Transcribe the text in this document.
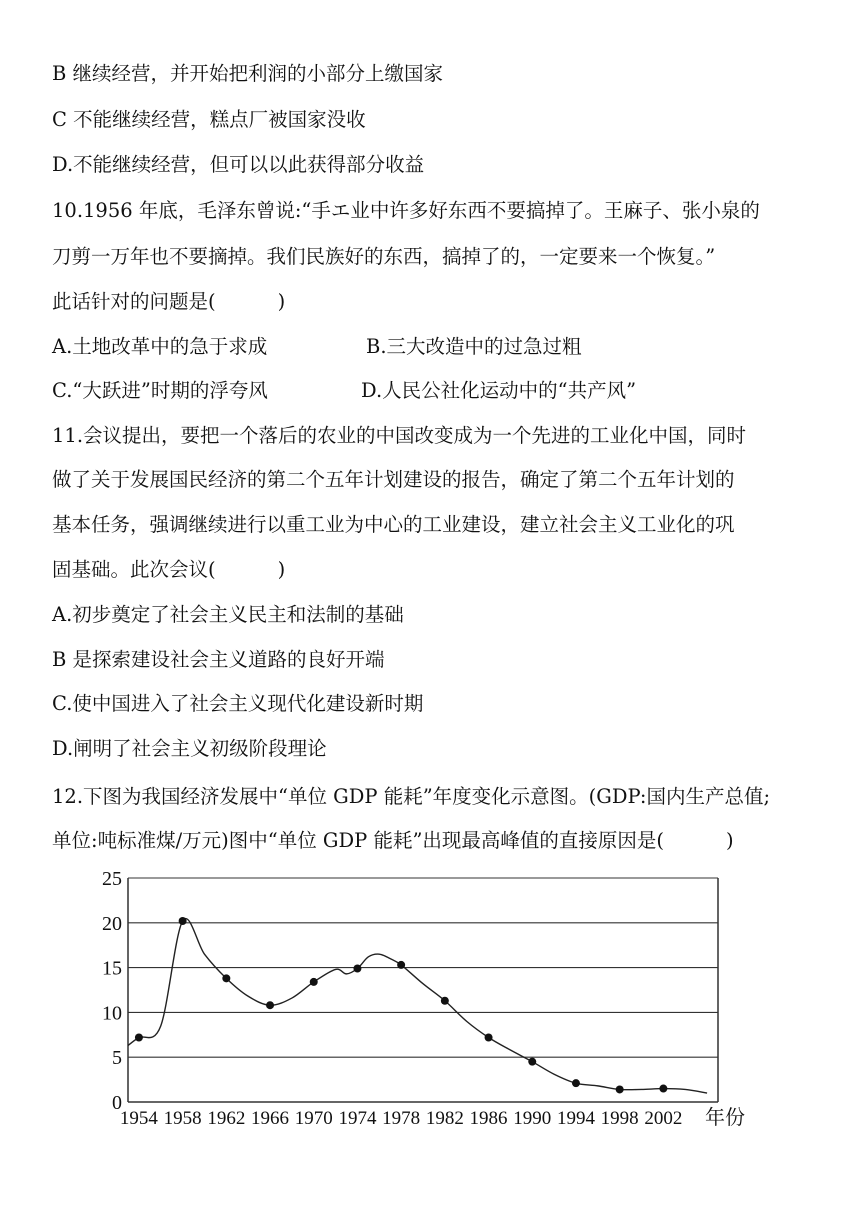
B 继续经营，并开始把利润的小部分上缴国家
C 不能继续经营，糕点厂被国家没收
D.不能继续经营，但可以以此获得部分收益
10.1956 年底，毛泽东曾说:“手エ业中许多好东西不要搞掉了。王麻子、张小泉的
刀剪一万年也不要摘掉。我们民族好的东西，搞掉了的，一定要来一个恢复。”
此话针对的问题是(          )
A.土地改革中的急于求成	B.三大改造中的过急过粗
C.“大跃进”时期的浮夸风	D.人民公社化运动中的“共产风”
11.会议提出，要把一个落后的农业的中国改变成为一个先进的工业化中国，同时
做了关于发展国民经济的第二个五年计划建设的报告，确定了第二个五年计划的
基本任务，强调继续进行以重工业为中心的工业建设，建立社会主义工业化的巩
固基础。此次会议(          )
A.初步奠定了社会主义民主和法制的基础
B 是探索建设社会主义道路的良好开端
C.使中国进入了社会主义现代化建设新时期
D.闸明了社会主义初级阶段理论
12.下图为我国经济发展中“单位 GDP 能耗”年度变化示意图。(GDP:国内生产总值;
单位:吨标准煤/万元)图中“单位 GDP 能耗”出现最高峰值的直接原因是(          )
0
5
10
15
20
25
1954 1958 1962 1966 1970 1974 1978 1982 1986 1990 1994 1998 2002 年份
